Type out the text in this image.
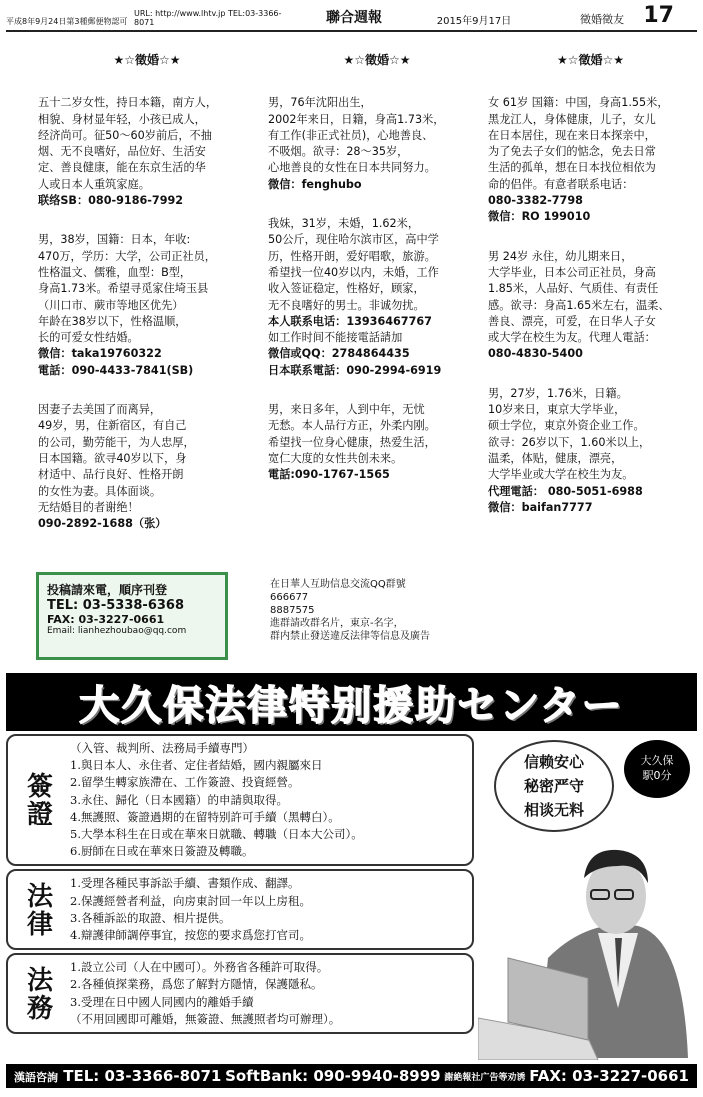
平成8年9月24日第3種郵便物認可
URL: http://www.lhtv.jp TEL:03-3366-8071	聯合週報	2015年9月17日	徵婚徵友 17
★☆徵婚☆★
五十二岁女性，持日本籍，南方人，
相貌、身材显年轻，小孩已成人，
经济尚可。征50～60岁前后，不抽
烟、无不良嗜好，品位好、生活安
定、善良健康，能在东京生活的华
人或日本人重筑家庭。
联络SB：080-9186-7992
男，38岁，国籍：日本，年收:
470万，学历：大学，公司正社员，
性格温文、儒雅，血型：B型，
身高1.73米。希望寻觅家住埼玉县
（川口市、蕨市等地区优先）
年龄在38岁以下，性格温顺，
长的可爱女性结婚。
微信：taka19760322
電話：090-4433-7841(SB)
因妻子去美国了而离异，
49岁，男，住新宿区，有自己
的公司，勤劳能干，为人忠厚，
日本国籍。欲寻40岁以下，身
材适中、品行良好、性格开朗
的女性为妻。具体面谈。
无结婚目的者谢绝！
090-2892-1688（张）
★☆徵婚☆★
男，76年沈阳出生，
2002年来日，日籍，身高1.73米，
有工作(非正式社员)，心地善良、
不吸烟。欲寻：28～35岁，
心地善良的女性在日本共同努力。
微信：fenghubo
我妹，31岁，未婚，1.62米，
50公斤，现住哈尔滨市区，高中学
历，性格开朗，爱好唱歌，旅游。
希望找一位40岁以内，未婚，工作
收入签证稳定，性格好，顾家，
无不良嗜好的男士。非诚勿扰。
本人联系电话：13936467767
如工作时间不能接電話請加
微信或QQ：2784864435
日本联系電話：090-2994-6919
男，来日多年，人到中年，无忧
无愁。本人品行方正，外柔内刚。
希望找一位身心健康，热爱生活，
宽仁大度的女性共创未来。
電話:090-1767-1565
★☆徵婚☆★
女 61岁 国籍：中国，身高1.55米，
黑龙江人，身体健康，儿子，女儿
在日本居住，现在来日本探亲中，
为了免去子女们的惦念，免去日常
生活的孤单，想在日本找位相依为
命的侣伴。有意者联系电话：
080-3382-7798
微信：RO 199010
男 24岁 永住，幼儿期来日，
大学毕业，日本公司正社员，身高
1.85米，人品好、气质佳、有责任
感。欲寻：身高1.65米左右，温柔、
善良、漂亮，可爱，在日华人子女
或大学在校生为友。代理人電話：
080-4830-5400
男，27岁，1.76米，日籍。
10岁来日，東京大学毕业，
硕士学位，東京外资企业工作。
欲寻：26岁以下，1.60米以上，
温柔，体贴，健康，漂亮，
大学毕业或大学在校生为友。
代理電話： 080-5051-6988
微信：baifan7777
投稿請來電，順序刊登
TEL: 03-5338-6368
FAX: 03-3227-0661
Email: lianhezhoubao@qq.com
在日華人互助信息交流QQ群號
666677
8887575
進群請改群名片，東京-名字，
群内禁止發送違反法律等信息及廣告
大久保法律特别援助センター
簽證
（入管、裁判所、法務局手續専門）
1.與日本人、永住者、定住者結婚，國内親屬來日
2.留學生轉家族滯在、工作簽證、投資經營。
3.永住、歸化（日本國籍）的申請與取得。
4.無護照、簽證過期的在留特别許可手續（黑轉白）。
5.大學本科生在日或在華來日就職、轉職（日本大公司）。
6.厨師在日或在華來日簽證及轉職。
法律	1.受理各種民事訴訟手續、書類作成、翻譯。
2.保護經營者利益，向房東討回一年以上房租。
3.各種訴訟的取證、相片提供。
4.辯護律師調停事宜，按您的要求爲您打官司。
法務	1.設立公司（人在中國可）。外務省各種許可取得。
2.各種偵探業務，爲您了解對方隱情，保護隱私。
3.受理在日中國人同國内的離婚手續
（不用回國即可離婚，無簽證、無護照者均可辦理）。
信赖安心
秘密严守
相谈无料
大久保
駅0分
漢語咨詢 TEL: 03-3366-8071 SoftBank: 090-9940-8999 謝絶報社广告等劝诱 FAX: 03-3227-0661
